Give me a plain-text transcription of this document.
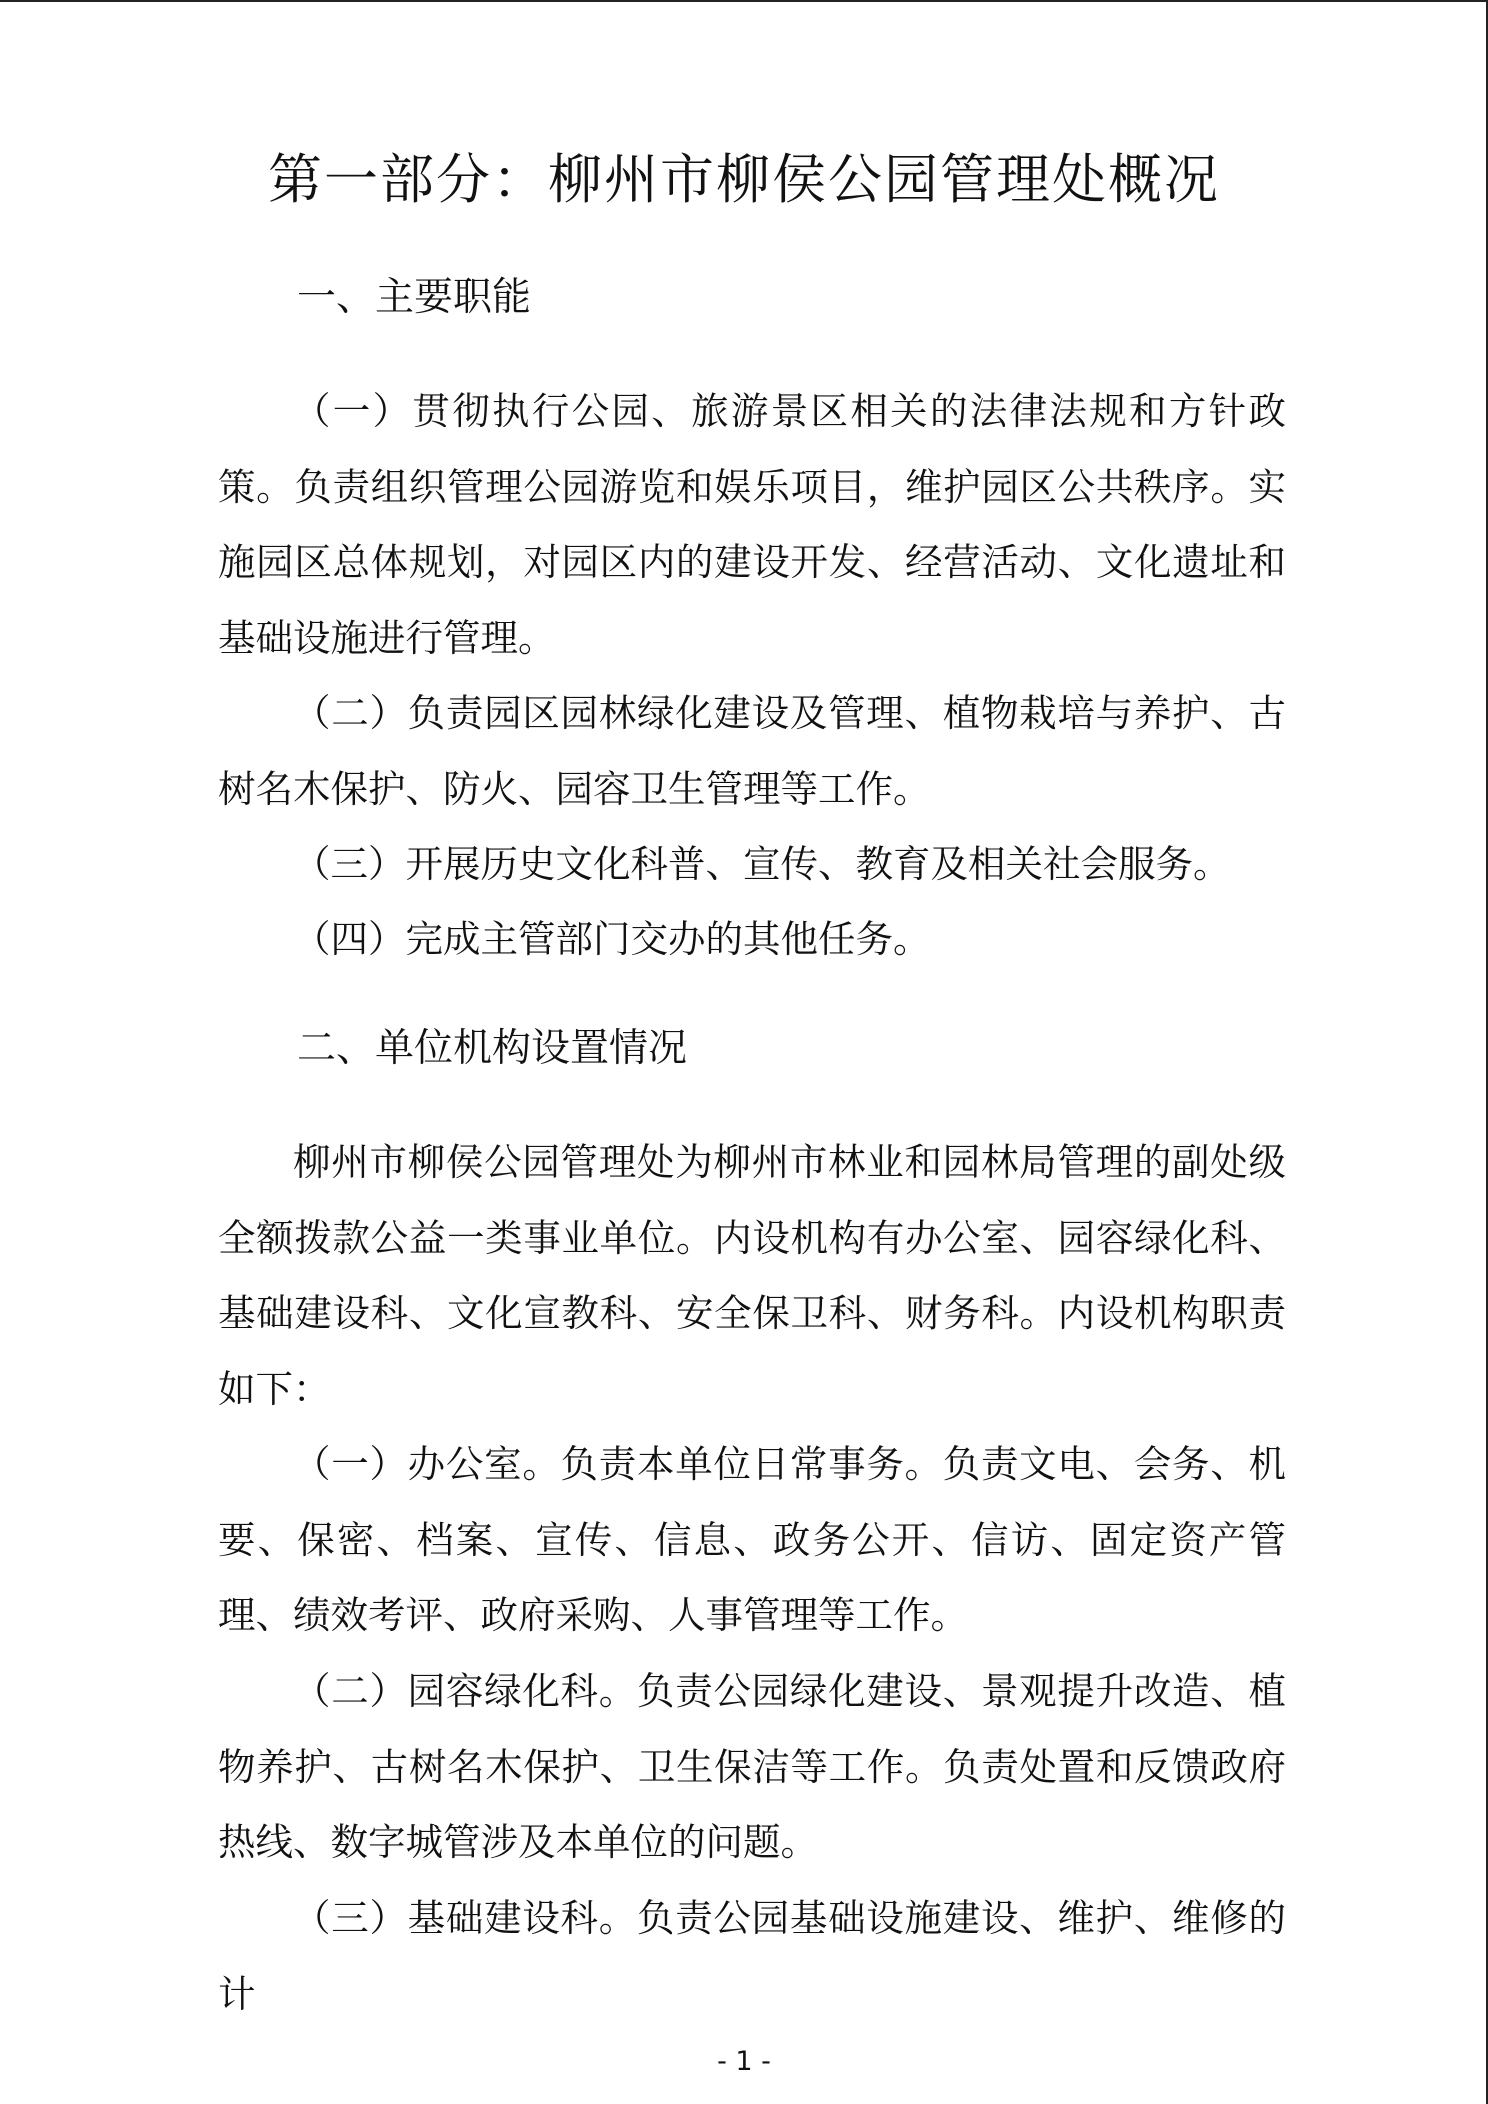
第一部分：柳州市柳侯公园管理处概况
一、主要职能

（一）贯彻执行公园、旅游景区相关的法律法规和方针政策。负责组织管理公园游览和娱乐项目，维护园区公共秩序。实施园区总体规划，对园区内的建设开发、经营活动、文化遗址和基础设施进行管理。

（二）负责园区园林绿化建设及管理、植物栽培与养护、古树名木保护、防火、园容卫生管理等工作。

（三）开展历史文化科普、宣传、教育及相关社会服务。

（四）完成主管部门交办的其他任务。

二、单位机构设置情况

柳州市柳侯公园管理处为柳州市林业和园林局管理的副处级全额拨款公益一类事业单位。内设机构有办公室、园容绿化科、基础建设科、文化宣教科、安全保卫科、财务科。内设机构职责如下：

（一）办公室。负责本单位日常事务。负责文电、会务、机要、保密、档案、宣传、信息、政务公开、信访、固定资产管理、绩效考评、政府采购、人事管理等工作。

（二）园容绿化科。负责公园绿化建设、景观提升改造、植物养护、古树名木保护、卫生保洁等工作。负责处置和反馈政府热线、数字城管涉及本单位的问题。

（三）基础建设科。负责公园基础设施建设、维护、维修的计

- 1 -
